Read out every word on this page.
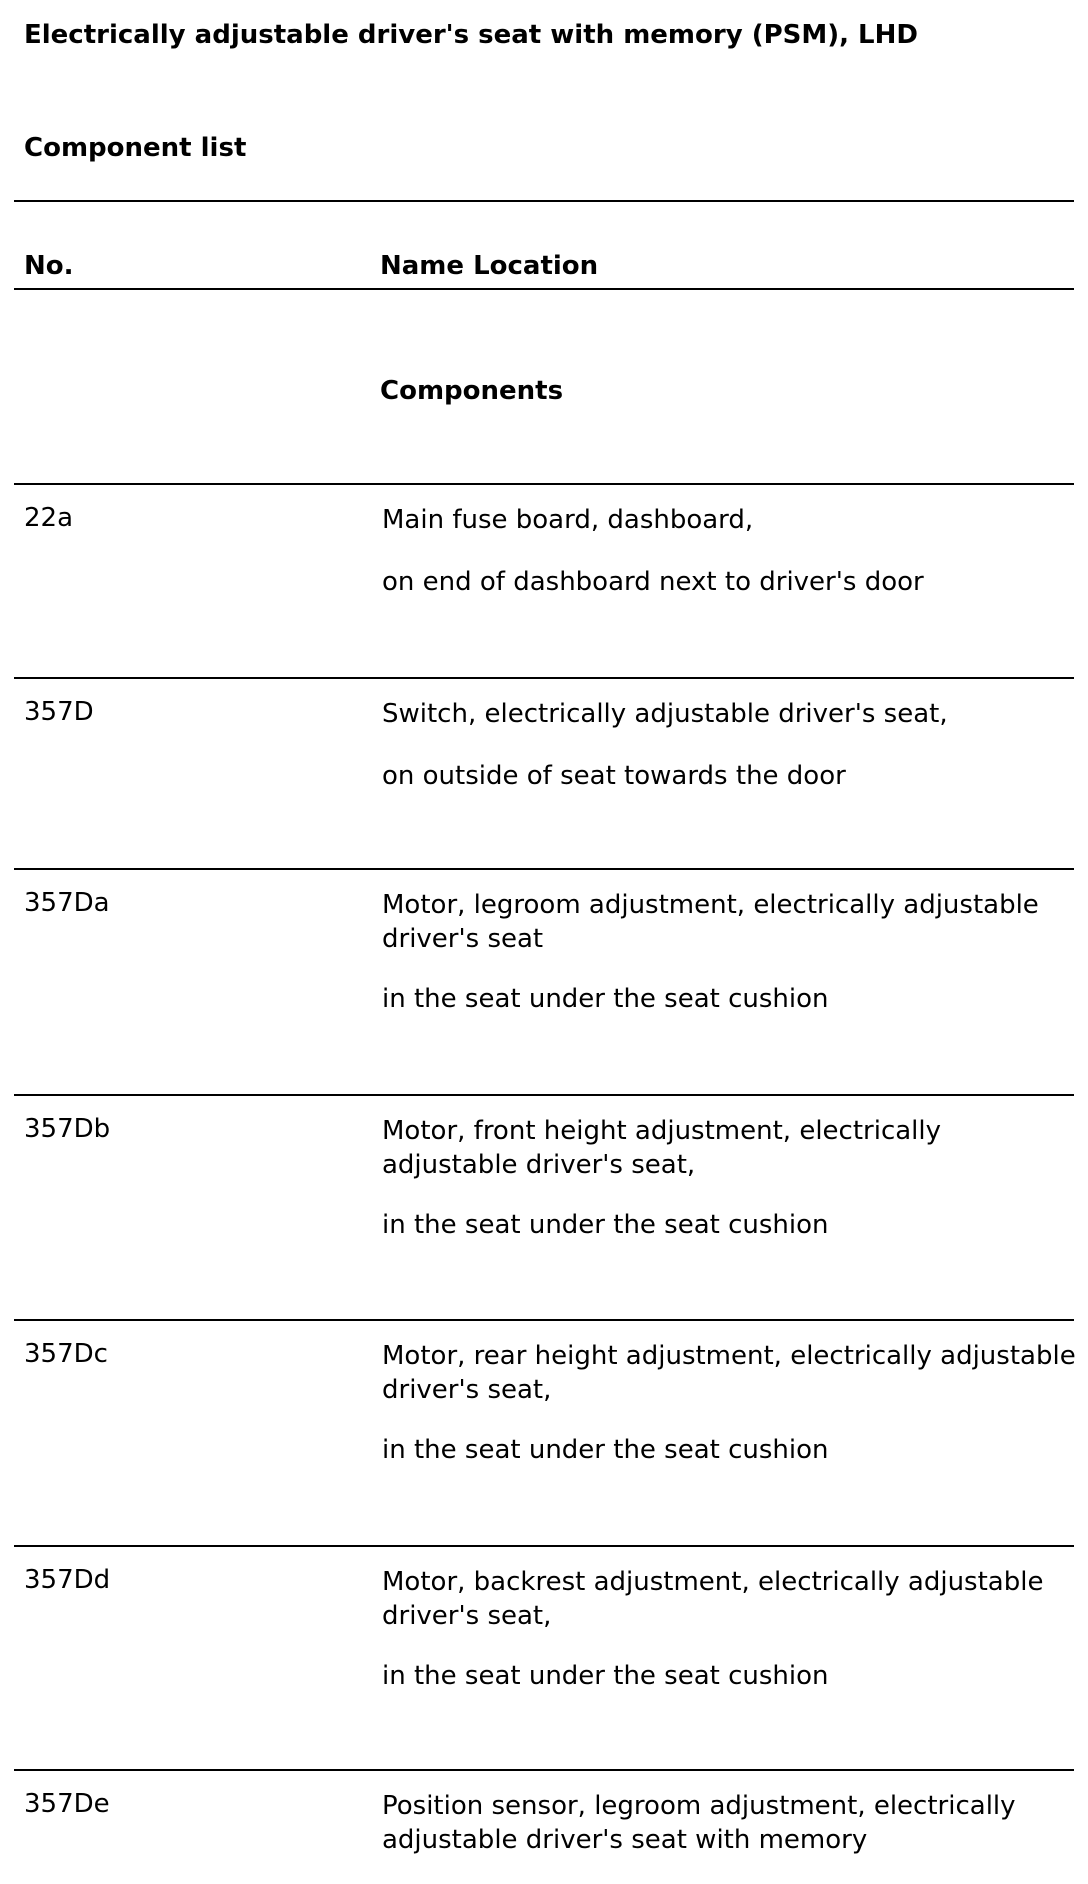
Electrically adjustable driver's seat with memory (PSM), LHD
Component list
No.	Name Location
Components
22a	Main fuse board, dashboard,
on end of dashboard next to driver's door
357D	Switch, electrically adjustable driver's seat,
on outside of seat towards the door
357Da	Motor, legroom adjustment, electrically adjustable driver's seat
in the seat under the seat cushion
357Db	Motor, front height adjustment, electrically adjustable driver's seat,
in the seat under the seat cushion
357Dc	Motor, rear height adjustment, electrically adjustable driver's seat,
in the seat under the seat cushion
357Dd	Motor, backrest adjustment, electrically adjustable driver's seat,
in the seat under the seat cushion
357De	Position sensor, legroom adjustment, electrically adjustable driver's seat with memory
